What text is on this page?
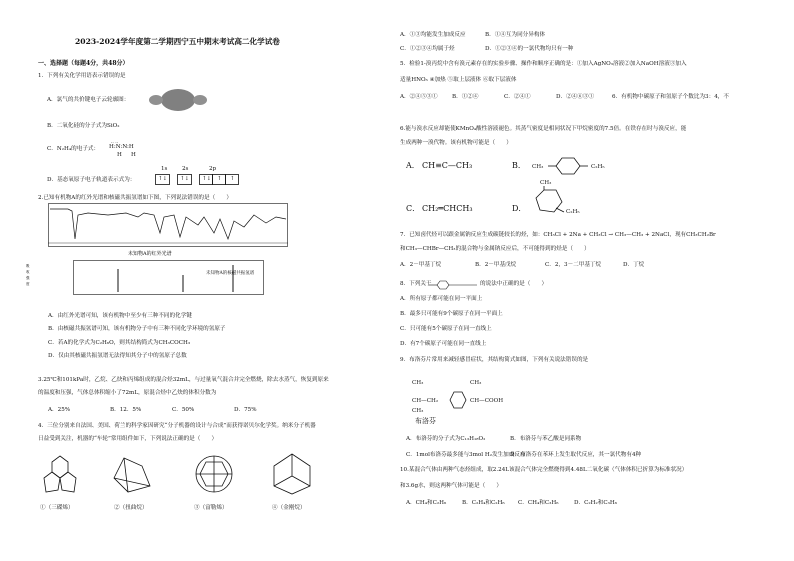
2023-2024学年度第二学期西宁五中期末考试高二化学试卷
一、选择题（每题4分，共48分）
1．下列有关化学用语表示错误的是
A．氯气的共价键电子云轮廓图：
B．二氧化硅的分子式为SiO₂
C．N₂H₄的电子式：
.. ..
H:N:N:H
H H
D．基态氧原子电子轨道表示式为：
1s	2s	2p
↑↓ ↑↓ ↑↓ ↑ ↑
2.已知有机物A的红外光谱和核磁共振氢谱如下图，下列说法错误的是（　　）
未知物A的红外光谱
吸
收
强
度
A．由红外光谱可知，该有机物中至少有三种不同的化学键
B．由核磁共振氢谱可知，该有机物分子中有三种不同化学环境的氢原子
C．若A的化学式为C₂H₆O，则其结构简式为CH₃COCH₃
D．仅由其核磁共振氢谱无法得知其分子中的氢原子总数
3.25℃和101kPa时，乙烷、乙炔和丙烯组成的混合烃32mL，与过量氧气混合并完全燃烧，除去水蒸气，恢复到原来
的温度和压强，气体总体积缩小了72mL，原混合烃中乙炔的体积分数为
A．25%	B．12．5%	C．50%	D．75%
4．三位分别来自法国、美国、荷兰的科学家因研究“分子机器的设计与合成”而获得诺贝尔化学奖。纳米分子机器
日益受到关注，机器的“车轮”常用组件如下，下列说法正确的是（　　）
①（三碟烯）	②（扭曲烷）	③（富勒烯）	④（金刚烷）
A．①③均能发生加成反应	B．①④互为同分异构体
C．①②③④均属于烃	D．①②③④的一氯代物均只有一种
5．检验1-溴丙烷中含有溴元素存在的实验步骤、操作和顺序正确的是：①加入AgNO₃溶液②加入NaOH溶液③加入
适量HNO₃ ④加热 ⑤取上层液体 ⑥取下层液体
A．②④⑤③①	B．①②④	C．②④①	D．②④⑥③①	6．有机物中碳原子和氢原子个数比为3：4，不
6.能与溴水反应却能使KMnO₄酸性溶液褪色。其蒸气密度是相同状况下甲烷密度的7.5倍。在铁存在时与溴反应，能
生成两种一溴代物。该有机物可能是（　　）
A． CH≡C—CH₃	B． CH₃	C₂H₅
C． CH₂═CHCH₃	D．
CH₃
C₂H₅
7．已知卤代烃可以跟金属钠反应生成碳链较长的烃，如：CH₃Cl + 2Na + CH₃Cl → CH₃—CH₃ + 2NaCl，现有CH₃CH₂Br
和CH₃—CHBr—CH₃的混合物与金属钠反应后，不可能得到的烃是（　　）
A．2－甲基丁烷	B．2－甲基戊烷	C．2，3－二甲基丁烷	D．丁烷
8．下列关于	的说法中正确的是（　　）
A．所有原子都可能在同一平面上
B．最多只可能有9个碳原子在同一平面上
C．只可能有5个碳原子在同一直线上
D．有7个碳原子可能在同一直线上
9．布洛芬片常用来减轻感冒症状，其结构简式如图，下列有关说法错误的是
CH₃
CH—CH₂
CH₃
CH₃
CH—COOH
布洛芬
A．布洛芬的分子式为C₁₃H₁₈O₂	B．布洛芬与苯乙酸是同系物
C．1mol布洛芬最多能与3mol H₂发生加成反应
D．布洛芬在苯环上发生取代反应，其一氯代物有4种
10.某混合气体由两种气态烃组成，取2.24L该混合气体完全燃烧得到4.48L二氧化碳（气体体积已折算为标准状况）
和3.6g水，则这两种气体可能是（　　）
A．CH₄和C₂H₆	B．C₂H₄和C₂H₆ C．CH₄和C₃H₆	D．C₂H₂和C₃H₆
未知物A的核磁共振氢谱
